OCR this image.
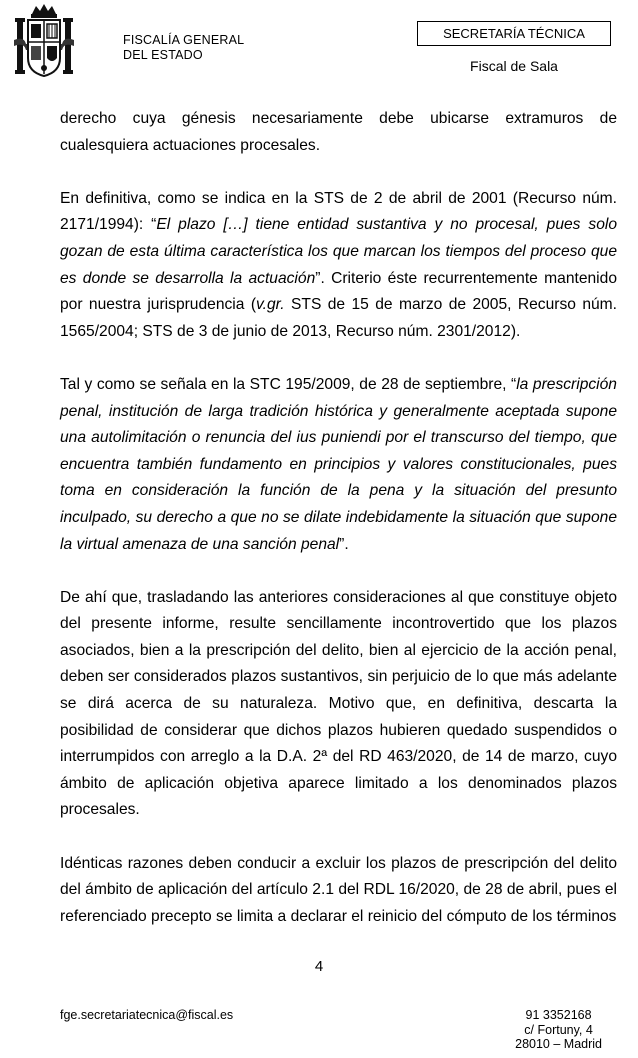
FISCALÍA GENERAL
DEL ESTADO
SECRETARÍA TÉCNICA
Fiscal de Sala

derecho cuya génesis necesariamente debe ubicarse extramuros de cualesquiera actuaciones procesales.

En definitiva, como se indica en la STS de 2 de abril de 2001 (Recurso núm. 2171/1994): “El plazo […] tiene entidad sustantiva y no procesal, pues solo gozan de esta última característica los que marcan los tiempos del proceso que es donde se desarrolla la actuación”. Criterio éste recurrentemente mantenido por nuestra jurisprudencia (v.gr. STS de 15 de marzo de 2005, Recurso núm. 1565/2004; STS de 3 de junio de 2013, Recurso núm. 2301/2012).

Tal y como se señala en la STC 195/2009, de 28 de septiembre, “la prescripción penal, institución de larga tradición histórica y generalmente aceptada supone una autolimitación o renuncia del ius puniendi por el transcurso del tiempo, que encuentra también fundamento en principios y valores constitucionales, pues toma en consideración la función de la pena y la situación del presunto inculpado, su derecho a que no se dilate indebidamente la situación que supone la virtual amenaza de una sanción penal”.

De ahí que, trasladando las anteriores consideraciones al que constituye objeto del presente informe, resulte sencillamente incontrovertido que los plazos asociados, bien a la prescripción del delito, bien al ejercicio de la acción penal, deben ser considerados plazos sustantivos, sin perjuicio de lo que más adelante se dirá acerca de su naturaleza. Motivo que, en definitiva, descarta la posibilidad de considerar que dichos plazos hubieren quedado suspendidos o interrumpidos con arreglo a la D.A. 2ª del RD 463/2020, de 14 de marzo, cuyo ámbito de aplicación objetiva aparece limitado a los denominados plazos procesales.

Idénticas razones deben conducir a excluir los plazos de prescripción del delito del ámbito de aplicación del artículo 2.1 del RDL 16/2020, de 28 de abril, pues el referenciado precepto se limita a declarar el reinicio del cómputo de los términos

4
fge.secretariatecnica@fiscal.es	91 3352168
c/ Fortuny, 4
28010 – Madrid
